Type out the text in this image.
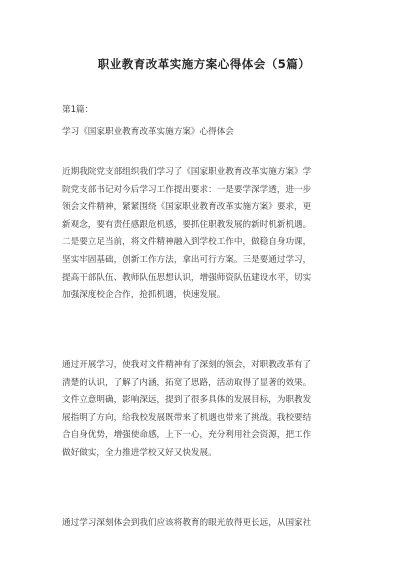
职业教育改革实施方案心得体会（5篇）
第1篇：
学习《国家职业教育改革实施方案》心得体会
近期我院党支部组织我们学习了《国家职业教育改革实施方案》学
院党支部书记对今后学习工作提出要求：一是要学深学透，进一步
领会文件精神，紧紧围绕《国家职业教育改革实施方案》要求，更
新观念，要有责任感跟危机感，要抓住职教发展的新时机新机遇。
二是要立足当前，将文件精神融入到学校工作中，做稳自身功课，
坚实牢固基础，创新工作方法，拿出可行方案。三是要通过学习，
提高干部队伍、教师队伍思想认识，增强师资队伍建设水平，切实
加强深度校企合作，抢抓机遇，快速发展。
通过开展学习，使我对文件精神有了深刻的领会，对职教改革有了
清楚的认识，了解了内涵，拓宽了思路，活动取得了显著的效果。
文件立意明确，影响深远，提到了很多具体的发展目标，为职教发
展指明了方向，给我校发展既带来了机遇也带来了挑战。我校要结
合自身优势，增强使命感，上下一心，充分利用社会资源，把工作
做好做实，全力推进学校又好又快发展。
通过学习深刻体会到我们应该将教育的眼光放得更长远，从国家社
